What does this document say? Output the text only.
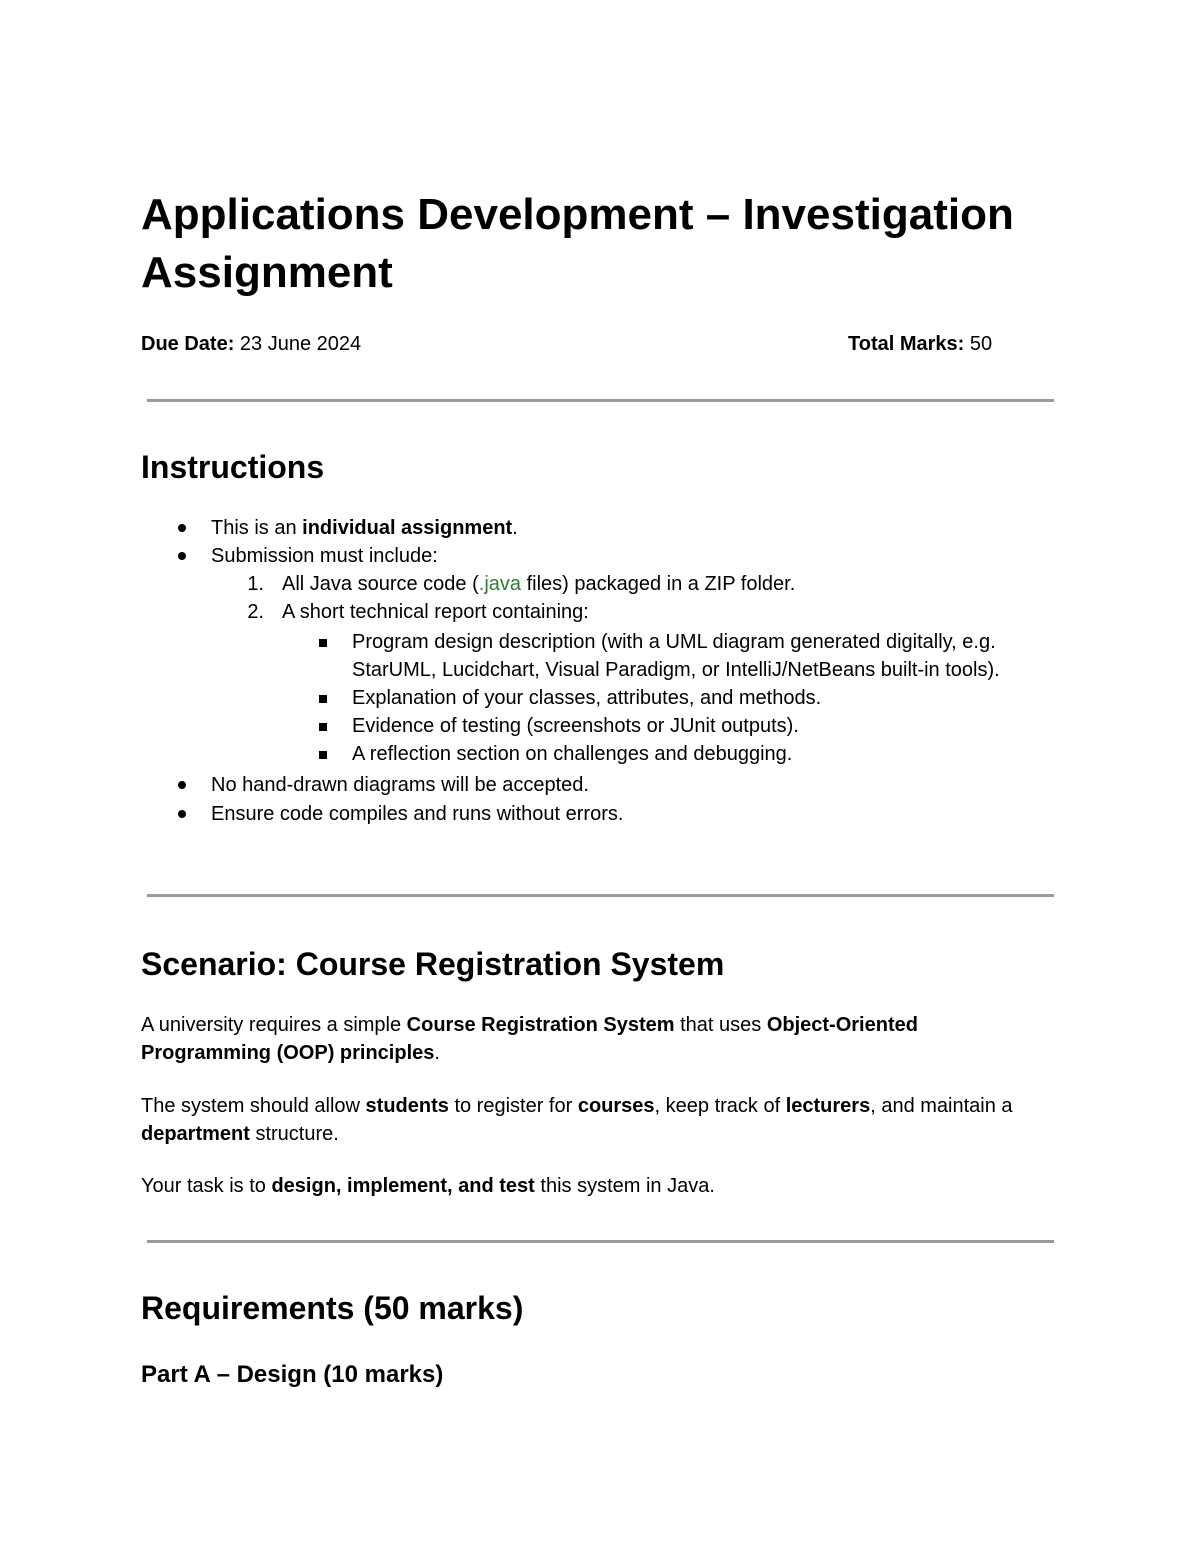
Applications Development – Investigation Assignment
Due Date: 23 June 2024	Total Marks: 50
Instructions
This is an individual assignment.
Submission must include:
1. All Java source code (.java files) packaged in a ZIP folder.
2. A short technical report containing:
Program design description (with a UML diagram generated digitally, e.g.
StarUML, Lucidchart, Visual Paradigm, or IntelliJ/NetBeans built-in tools).
Explanation of your classes, attributes, and methods.
Evidence of testing (screenshots or JUnit outputs).
A reflection section on challenges and debugging.
No hand-drawn diagrams will be accepted.
Ensure code compiles and runs without errors.
Scenario: Course Registration System
A university requires a simple Course Registration System that uses Object-Oriented Programming (OOP) principles.
The system should allow students to register for courses, keep track of lecturers, and maintain a department structure.
Your task is to design, implement, and test this system in Java.
Requirements (50 marks)
Part A – Design (10 marks)
